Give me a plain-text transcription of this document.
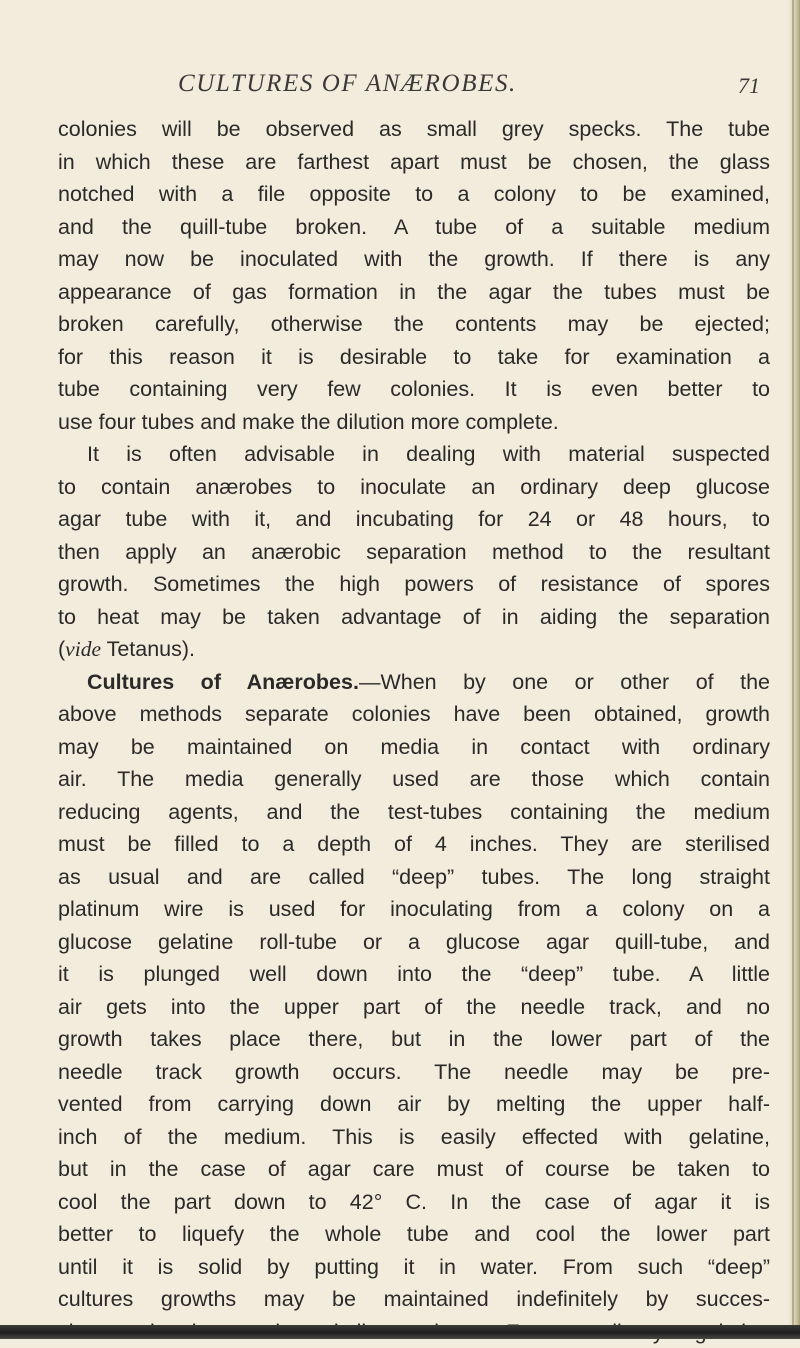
CULTURES OF ANÆROBES.	71
colonies will be observed as small grey specks. The tube
in which these are farthest apart must be chosen, the glass
notched with a file opposite to a colony to be examined,
and the quill-tube broken. A tube of a suitable medium
may now be inoculated with the growth. If there is any
appearance of gas formation in the agar the tubes must be
broken carefully, otherwise the contents may be ejected;
for this reason it is desirable to take for examination a
tube containing very few colonies. It is even better to
use four tubes and make the dilution more complete.
It is often advisable in dealing with material suspected
to contain anærobes to inoculate an ordinary deep glucose
agar tube with it, and incubating for 24 or 48 hours, to
then apply an anærobic separation method to the resultant
growth. Sometimes the high powers of resistance of spores
to heat may be taken advantage of in aiding the separation
(vide Tetanus).
Cultures of Anærobes.—When by one or other of the
above methods separate colonies have been obtained, growth
may be maintained on media in contact with ordinary
air. The media generally used are those which contain
reducing agents, and the test-tubes containing the medium
must be filled to a depth of 4 inches. They are sterilised
as usual and are called “deep” tubes. The long straight
platinum wire is used for inoculating from a colony on a
glucose gelatine roll-tube or a glucose agar quill-tube, and
it is plunged well down into the “deep” tube. A little
air gets into the upper part of the needle track, and no
growth takes place there, but in the lower part of the
needle track growth occurs. The needle may be pre-
vented from carrying down air by melting the upper half-
inch of the medium. This is easily effected with gelatine,
but in the case of agar care must of course be taken to
cool the part down to 42° C. In the case of agar it is
better to liquefy the whole tube and cool the lower part
until it is solid by putting it in water. From such “deep”
cultures growths may be maintained indefinitely by succes-
